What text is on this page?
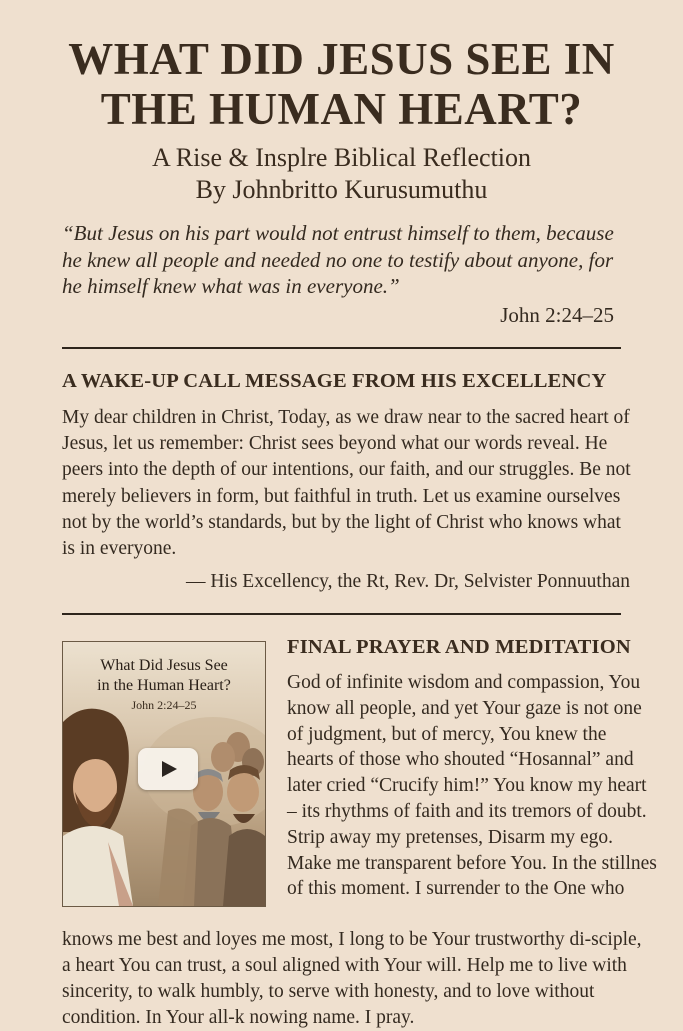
WHAT DID JESUS SEE IN THE HUMAN HEART?
A Rise & Insplre Biblical Reflection
By Johnbritto Kurusumuthu

“But Jesus on his part would not entrust himself to them, because he knew all people and needed no one to testify about anyone, for he himself knew what was in everyone.”

John 2:24–25
A WAKE-UP CALL MESSAGE FROM HIS EXCELLENCY

My dear children in Christ, Today, as we draw near to the sacred heart of Jesus, let us remember: Christ sees beyond what our words reveal. He peers into the depth of our intentions, our faith, and our struggles. Be not merely believers in form, but faithful in truth. Let us examine ourselves not by the world’s standards, but by the light of Christ who knows what is in everyone.

— His Excellency, the Rt, Rev. Dr, Selvister Ponnuuthan
What Did Jesus See
in the Human Heart?
John 2:24–25
FINAL PRAYER AND MEDITATION

God of infinite wisdom and compassion, You know all people, and yet Your gaze is not one of judgment, but of mercy, You knew the hearts of those who shouted “Hosannal” and later cried “Crucify him!” You know my heart – its rhythms of faith and its tremors of doubt. Strip away my pretenses, Disarm my ego. Make me transparent before You. In the stillnes of this moment. I surrender to the One who

knows me best and loyes me most, I long to be Your trustworthy di-sciple, a heart You can trust, a soul aligned with Your will. Help me to live with sincerity, to walk humbly, to serve with honesty, and to love without condition. In Your all-k nowing name. I pray.
